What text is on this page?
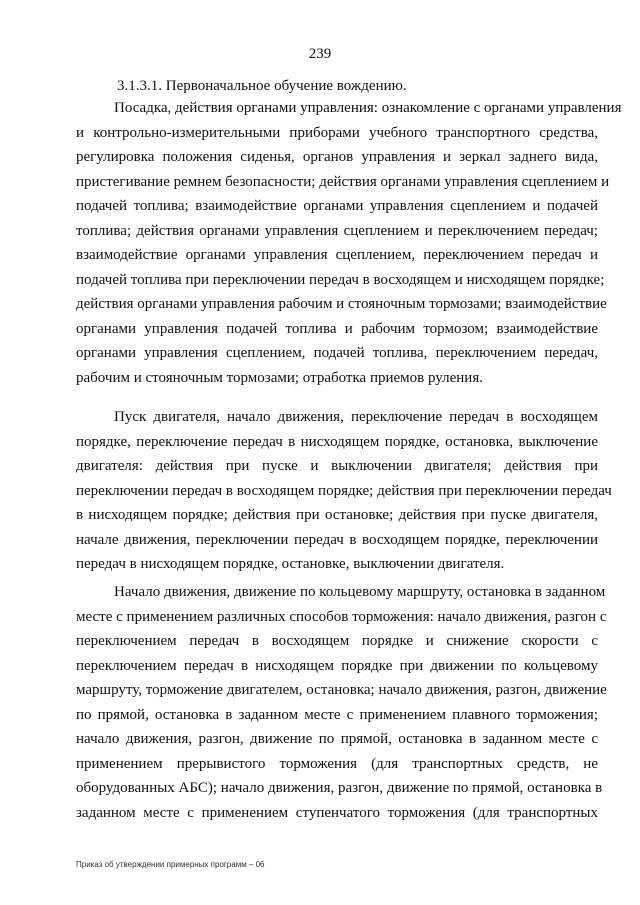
239
3.1.3.1. Первоначальное обучение вождению.

Посадка, действия органами управления: ознакомление с органами управления
и контрольно-измерительными приборами учебного транспортного средства,
регулировка положения сиденья, органов управления и зеркал заднего вида,
пристегивание ремнем безопасности; действия органами управления сцеплением и
подачей топлива; взаимодействие органами управления сцеплением и подачей
топлива; действия органами управления сцеплением и переключением передач;
взаимодействие органами управления сцеплением, переключением передач и
подачей топлива при переключении передач в восходящем и нисходящем порядке;
действия органами управления рабочим и стояночным тормозами; взаимодействие
органами управления подачей топлива и рабочим тормозом; взаимодействие
органами управления сцеплением, подачей топлива, переключением передач,
рабочим и стояночным тормозами; отработка приемов руления.

Пуск двигателя, начало движения, переключение передач в восходящем
порядке, переключение передач в нисходящем порядке, остановка, выключение
двигателя: действия при пуске и выключении двигателя; действия при
переключении передач в восходящем порядке; действия при переключении передач
в нисходящем порядке; действия при остановке; действия при пуске двигателя,
начале движения, переключении передач в восходящем порядке, переключении
передач в нисходящем порядке, остановке, выключении двигателя.

Начало движения, движение по кольцевому маршруту, остановка в заданном
месте с применением различных способов торможения: начало движения, разгон с
переключением передач в восходящем порядке и снижение скорости с
переключением передач в нисходящем порядке при движении по кольцевому
маршруту, торможение двигателем, остановка; начало движения, разгон, движение
по прямой, остановка в заданном месте с применением плавного торможения;
начало движения, разгон, движение по прямой, остановка в заданном месте с
применением прерывистого торможения (для транспортных средств, не
оборудованных АБС); начало движения, разгон, движение по прямой, остановка в
заданном месте с применением ступенчатого торможения (для транспортных

Приказ об утверждении примерных программ – 06
